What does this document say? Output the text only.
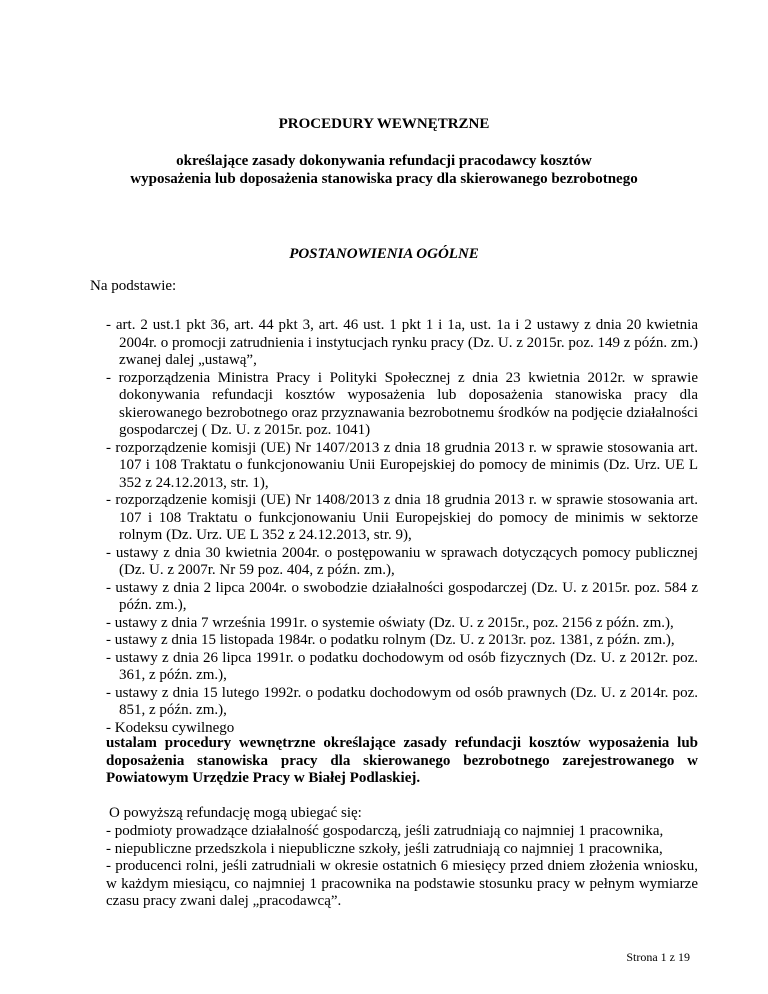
PROCEDURY WEWNĘTRZNE
określające zasady dokonywania refundacji pracodawcy kosztów
wyposażenia lub doposażenia stanowiska pracy dla skierowanego bezrobotnego
POSTANOWIENIA OGÓLNE
Na podstawie:
- art. 2 ust.1 pkt 36, art. 44 pkt 3, art. 46 ust. 1 pkt 1 i 1a, ust. 1a i 2 ustawy z dnia 20 kwietnia 2004r. o promocji zatrudnienia i instytucjach rynku pracy (Dz. U. z 2015r. poz. 149 z późn. zm.) zwanej dalej „ustawą”,
- rozporządzenia Ministra Pracy i Polityki Społecznej z dnia 23 kwietnia 2012r. w sprawie dokonywania refundacji kosztów wyposażenia lub doposażenia stanowiska pracy dla skierowanego bezrobotnego oraz przyznawania bezrobotnemu środków na podjęcie działalności gospodarczej ( Dz. U. z 2015r. poz. 1041)
- rozporządzenie komisji (UE) Nr 1407/2013 z dnia 18 grudnia 2013 r. w sprawie stosowania art. 107 i 108 Traktatu o funkcjonowaniu Unii Europejskiej do pomocy de minimis (Dz. Urz. UE L 352 z 24.12.2013, str. 1),
- rozporządzenie komisji (UE) Nr 1408/2013 z dnia 18 grudnia 2013 r. w sprawie stosowania art. 107 i 108 Traktatu o funkcjonowaniu Unii Europejskiej do pomocy de minimis w sektorze rolnym (Dz. Urz. UE L 352 z 24.12.2013, str. 9),
- ustawy z dnia 30 kwietnia 2004r. o postępowaniu w sprawach dotyczących pomocy publicznej (Dz. U. z 2007r. Nr 59 poz. 404, z późn. zm.),
- ustawy z dnia 2 lipca 2004r. o swobodzie działalności gospodarczej (Dz. U. z 2015r. poz. 584 z późn. zm.),
- ustawy z dnia 7 września 1991r. o systemie oświaty (Dz. U. z 2015r., poz. 2156 z późn. zm.),
- ustawy z dnia 15 listopada 1984r. o podatku rolnym (Dz. U. z 2013r. poz. 1381, z późn. zm.),
- ustawy z dnia 26 lipca 1991r. o podatku dochodowym od osób fizycznych (Dz. U. z 2012r. poz. 361, z późn. zm.),
- ustawy z dnia 15 lutego 1992r. o podatku dochodowym od osób prawnych (Dz. U. z 2014r. poz. 851, z późn. zm.),
- Kodeksu cywilnego
ustalam procedury wewnętrzne określające zasady refundacji kosztów wyposażenia lub doposażenia stanowiska pracy dla skierowanego bezrobotnego zarejestrowanego w Powiatowym Urzędzie Pracy w Białej Podlaskiej.
O powyższą refundację mogą ubiegać się:
- podmioty prowadzące działalność gospodarczą, jeśli zatrudniają co najmniej 1 pracownika,
- niepubliczne przedszkola i niepubliczne szkoły, jeśli zatrudniają co najmniej 1 pracownika,
- producenci rolni, jeśli zatrudniali w okresie ostatnich 6 miesięcy przed dniem złożenia wniosku, w każdym miesiącu, co najmniej 1 pracownika na podstawie stosunku pracy w pełnym wymiarze czasu pracy zwani dalej „pracodawcą”.
Strona 1 z 19
